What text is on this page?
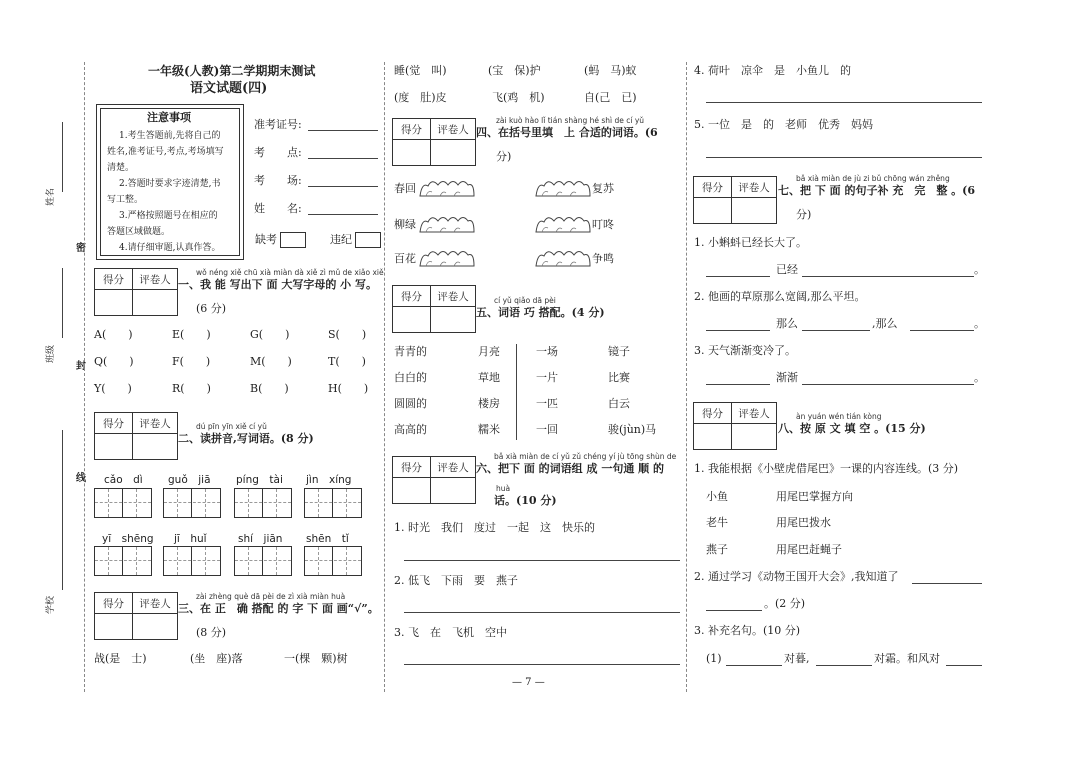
姓名
班级
学校
密
封
线
一年级(人教)第二学期期末测试
语文试题(四)
注意事项
1.考生答题前,先将自己的
姓名,准考证号,考点,考场填写
清楚。
2.答题时要求字迹清楚,书
写工整。
3.严格按照题号在相应的
答题区域做题。
4.请仔细审题,认真作答。
准考证号:
考　　点:
考　　场:
姓　　名:
缺考	违纪
得分	评卷人
wǒ néng xiě chū xià miàn dà xiě zì mǔ de xiǎo xiě
一、我 能 写出下 面 大写字母的 小 写。
(6 分)
A(　　)	E(　　)	G(　　)	S(　　)
Q(　　)	F(　　)	M(　　)	T(　　)
Y(　　)	R(　　)	B(　　)	H(　　)
得分	评卷人	dú pīn yīn xiě cí yǔ
二、读拼音,写词语。(8 分)
cǎo　dì guǒ　jiā píng　tài jìn　xíng
yī　shēng jī　huǐ	shí　jiān shēn　tǐ
得分	评卷人
zài zhèng què dā pèi de zì xià miàn huà
三、在 正　确 搭配 的 字 下 面 画“√”。
(8 分)
战(是　士)	(坐　座)落	一(棵　颗)树
睡(觉　叫)	(宝　保)护	(蚂　马)蚁
(度　肚)皮	飞(鸡　机)	自(己　已)
得分	评卷人
zài kuò hào lǐ tián shàng hé shì de cí yǔ
四、在括号里填　上 合适的词语。(6
分)
春回	复苏
柳绿	叮咚
百花	争鸣
得分	评卷人	cí yǔ qiǎo dā pèi
五、词语 巧 搭配。(4 分)
青青的	月亮	一场	镜子
白白的	草地	一片	比赛
圆圆的	楼房	一匹	白云
高高的	糯米	一回	骏(jùn)马
得分	评卷人
bǎ xià miàn de cí yǔ zǔ chéng yí jù tōng shùn de
六、把下 面 的词语组 成 一句通 顺 的
huà
话。(10 分)
1. 时光　我们　度过　一起　这　快乐的
2. 低飞　下雨　要　燕子
3. 飞　在　飞机　空中
— 7 —
4. 荷叶　凉伞　是　小鱼儿　的
5. 一位　是　的　老师　优秀　妈妈
得分	评卷人
bǎ xià miàn de jù zi bǔ chōng wán zhěng
七、把 下 面 的句子补 充　完　整 。(6
分)
1. 小蝌蚪已经长大了。
已经	。
2. 他画的草原那么宽阔,那么平坦。
那么	,那么	。
3. 天气渐渐变冷了。
渐渐	。
得分	评卷人	àn yuán wén tián kòng
八、按 原 文 填 空 。(15 分)
1. 我能根据《小壁虎借尾巴》一课的内容连线。(3 分)
小鱼	用尾巴掌握方向
老牛	用尾巴拨水
燕子	用尾巴赶蝇子
2. 通过学习《动物王国开大会》,我知道了
。(2 分)
3. 补充名句。(10 分)
(1)	对暮,	对霜。和风对
